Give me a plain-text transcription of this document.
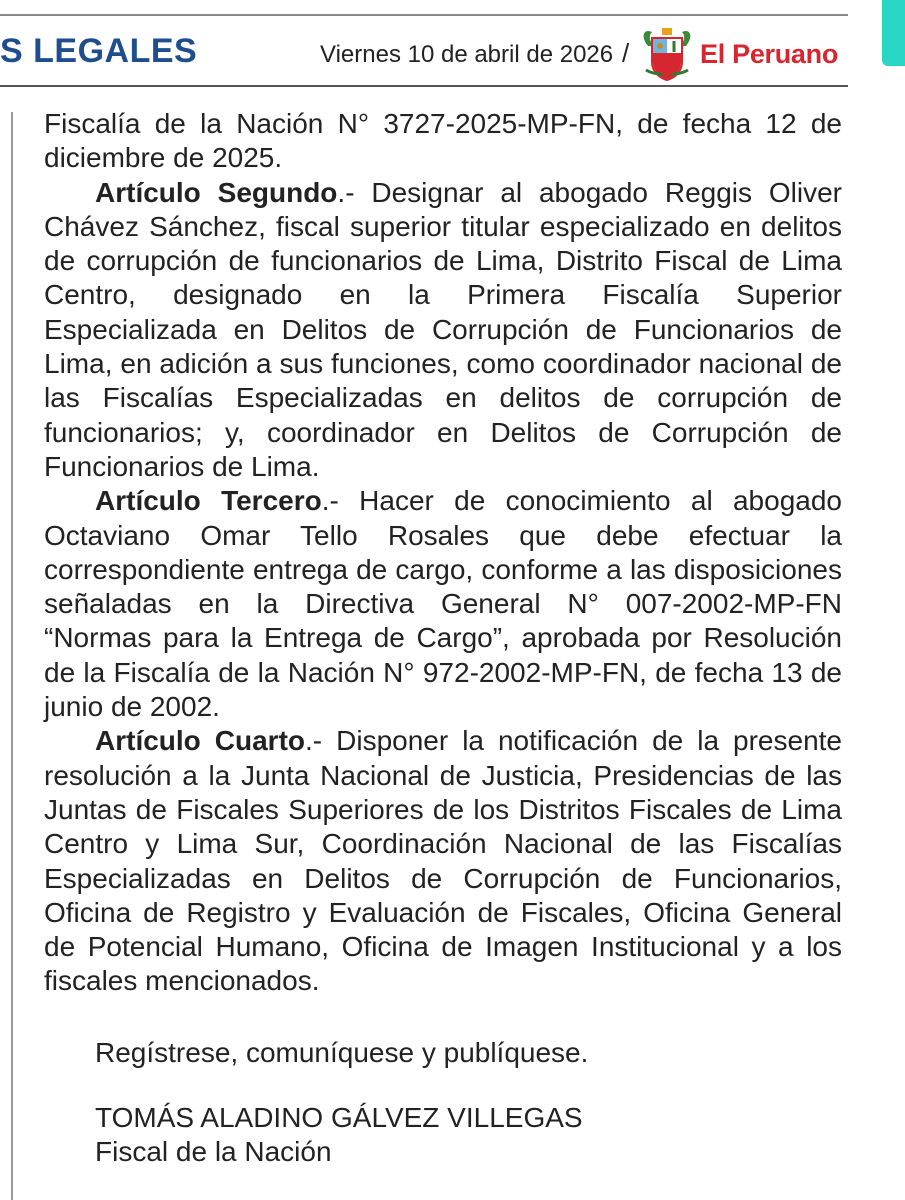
S LEGALES	Viernes 10 de abril de 2026 /	El Peruano

Fiscalía de la Nación N° 3727-2025-MP-FN, de fecha 12 de diciembre de 2025.

Artículo Segundo.- Designar al abogado Reggis Oliver Chávez Sánchez, fiscal superior titular especializado en delitos de corrupción de funcionarios de Lima, Distrito Fiscal de Lima Centro, designado en la Primera Fiscalía Superior Especializada en Delitos de Corrupción de Funcionarios de Lima, en adición a sus funciones, como coordinador nacional de las Fiscalías Especializadas en delitos de corrupción de funcionarios; y, coordinador en Delitos de Corrupción de Funcionarios de Lima.

Artículo Tercero.- Hacer de conocimiento al abogado Octaviano Omar Tello Rosales que debe efectuar la correspondiente entrega de cargo, conforme a las disposiciones señaladas en la Directiva General N° 007-2002-MP-FN “Normas para la Entrega de Cargo”, aprobada por Resolución de la Fiscalía de la Nación N° 972-2002-MP-FN, de fecha 13 de junio de 2002.

Artículo Cuarto.- Disponer la notificación de la presente resolución a la Junta Nacional de Justicia, Presidencias de las Juntas de Fiscales Superiores de los Distritos Fiscales de Lima Centro y Lima Sur, Coordinación Nacional de las Fiscalías Especializadas en Delitos de Corrupción de Funcionarios, Oficina de Registro y Evaluación de Fiscales, Oficina General de Potencial Humano, Oficina de Imagen Institucional y a los fiscales mencionados.

Regístrese, comuníquese y publíquese.

TOMÁS ALADINO GÁLVEZ VILLEGAS

Fiscal de la Nación
